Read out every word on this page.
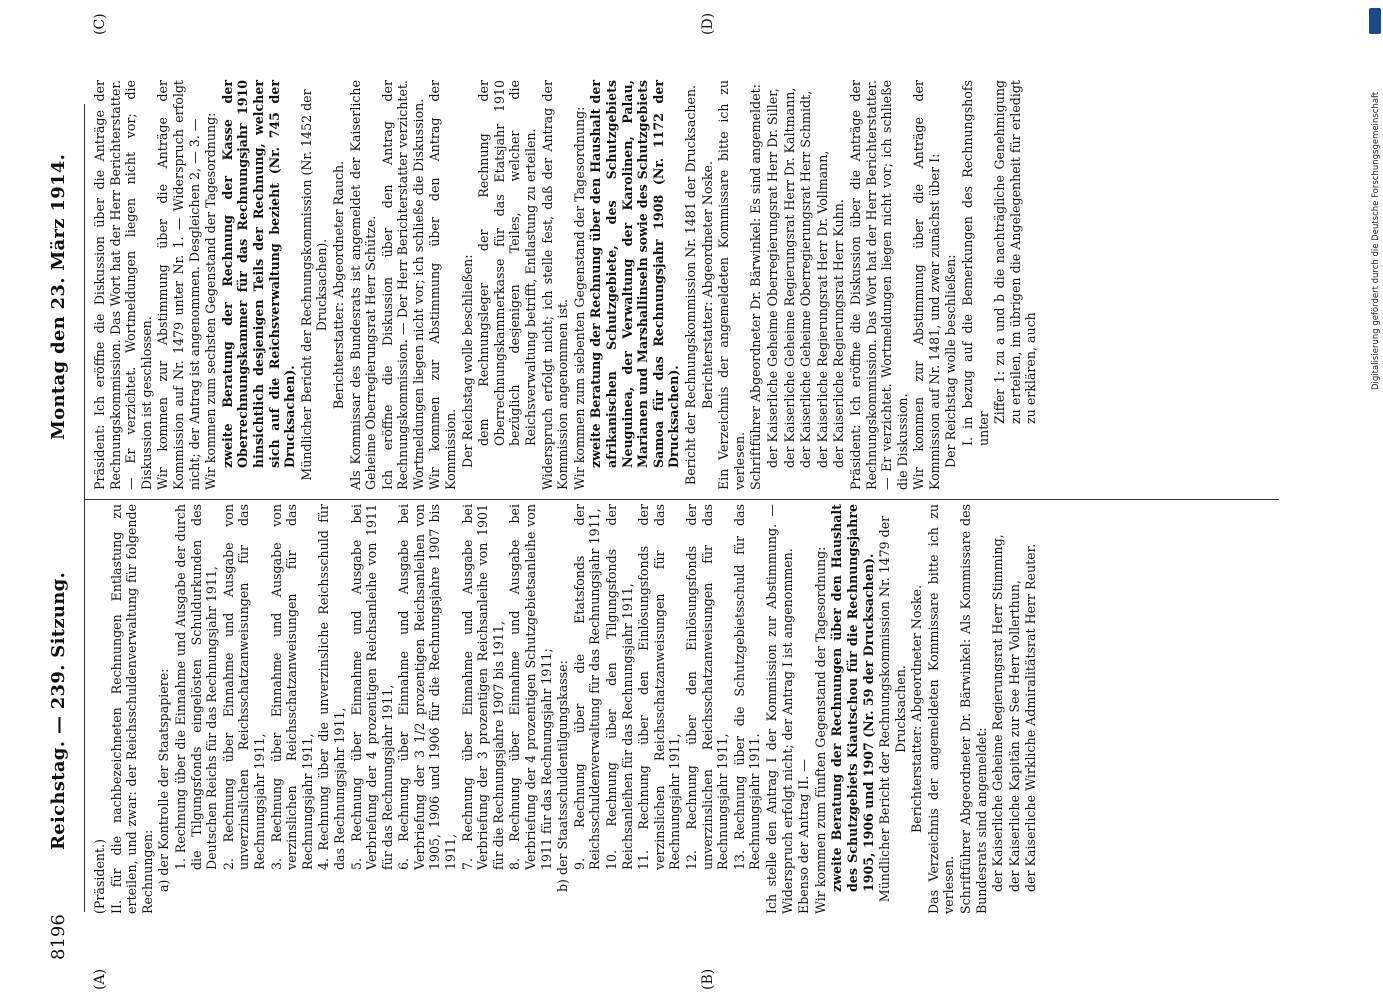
8196
Reichstag. — 239. Sitzung.
Montag den 23. März 1914.
(A)	(B)
(C)	(D)

(Präsident.) II. für die nachbezeichneten Rechnungen Entlastung zu erteilen, und zwar: der Reichsschuldenverwaltung für folgende Rechnungen: a) der Kontrolle der Staatspapiere: 1. Rechnung über die Einnahme und Ausgabe der durch die Tilgungsfonds eingelösten Schuldurkunden des Deutschen Reichs für das Rechnungsjahr 1911, 2. Rechnung über Einnahme und Ausgabe von unverzinslichen Reichsschatzanweisungen für das Rechnungsjahr 1911, 3. Rechnung über Einnahme und Ausgabe von verzinslichen Reichsschatzanweisungen für das Rechnungsjahr 1911, 4. Rechnung über die unverzinsliche Reichsschuld für das Rechnungsjahr 1911, 5. Rechnung über Einnahme und Ausgabe bei Verbriefung der 4 prozentigen Reichsanleihe von 1911 für das Rechnungsjahr 1911, 6. Rechnung über Einnahme und Ausgabe bei Verbriefung der 3 1/2 prozentigen Reichsanleihen von 1905, 1906 und 1906 für die Rechnungsjahre 1907 bis 1911, 7. Rechnung über Einnahme und Ausgabe bei Verbriefung der 3 prozentigen Reichsanleihe von 1901 für die Rechnungsjahre 1907 bis 1911, 8. Rechnung über Einnahme und Ausgabe bei Verbriefung der 4 prozentigen Schutzgebietsanleihe von 1911 für das Rechnungsjahr 1911; b) der Staatsschuldentilgungskasse: 9. Rechnung über die Etatsfonds der Reichsschuldenverwaltung für das Rechnungsjahr 1911, 10. Rechnung über den Tilgungsfonds der Reichsanleihen für das Rechnungsjahr 1911, 11. Rechnung über den Einlösungsfonds der verzinslichen Reichsschatzanweisungen für das Rechnungsjahr 1911, 12. Rechnung über den Einlösungsfonds der unverzinslichen Reichsschatzanweisungen für das Rechnungsjahr 1911, 13. Rechnung über die Schutzgebietsschuld für das Rechnungsjahr 1911. Ich stelle den Antrag I der Kommission zur Abstimmung. — Widerspruch erfolgt nicht; der Antrag I ist angenommen. Ebenso der Antrag II. — Wir kommen zum fünften Gegenstand der Tagesordnung: zweite Beratung der Rechnungen über den Haushalt des Schutzgebiets Kiautschou für die Rechnungsjahre 1905, 1906 und 1907 (Nr. 59 der Drucksachen). Mündlicher Bericht der Rechnungskommission Nr. 1479 der Drucksachen. Berichterstatter: Abgeordneter Noske. Das Verzeichnis der angemeldeten Kommissare bitte ich zu verlesen. Schriftführer Abgeordneter Dr. Bärwinkel: Als Kommissare des Bundesrats sind angemeldet: der Kaiserliche Geheime Regierungsrat Herr Stimming, der Kaiserliche Kapitän zur See Herr Vollerthun, der Kaiserliche Wirkliche Admiralitätsrat Herr Reuter.

Präsident: Ich eröffne die Diskussion über die Anträge der Rechnungskommission. Das Wort hat der Herr Berichterstatter. — Er verzichtet. Wortmeldungen liegen nicht vor; die Diskussion ist geschlossen. Wir kommen zur Abstimmung über die Anträge der Kommission auf Nr. 1479 unter Nr. 1. — Widerspruch erfolgt nicht; der Antrag ist angenommen. Desgleichen 2, — 3. — Wir kommen zum sechsten Gegenstand der Tagesordnung: zweite Beratung der Rechnung der Kasse der Oberrechnungskammer für das Rechnungsjahr 1910 hinsichtlich desjenigen Teils der Rechnung, welcher sich auf die Reichsverwaltung bezieht (Nr. 745 der Drucksachen). Mündlicher Bericht der Rechnungskommission (Nr. 1452 der Drucksachen). Berichterstatter: Abgeordneter Rauch. Als Kommissar des Bundesrats ist angemeldet der Kaiserliche Geheime Oberregierungsrat Herr Schütze. Ich eröffne die Diskussion über den Antrag der Rechnungskommission. — Der Herr Berichterstatter verzichtet. Wortmeldungen liegen nicht vor; ich schließe die Diskussion. Wir kommen zur Abstimmung über den Antrag der Kommission. Der Reichstag wolle beschließen: dem Rechnungsleger der Rechnung der Oberrechnungskammerkasse für das Etatsjahr 1910 bezüglich desjenigen Teiles, welcher die Reichsverwaltung betrifft, Entlastung zu erteilen. Widerspruch erfolgt nicht; ich stelle fest, daß der Antrag der Kommission angenommen ist. Wir kommen zum siebenten Gegenstand der Tagesordnung: zweite Beratung der Rechnung über den Haushalt der afrikanischen Schutzgebiete, des Schutzgebiets Neuguinea, der Verwaltung der Karolinen, Palau, Marianen und Marshallinseln sowie des Schutzgebiets Samoa für das Rechnungsjahr 1908 (Nr. 1172 der Drucksachen). Bericht der Rechnungskommission Nr. 1481 der Drucksachen. Berichterstatter: Abgeordneter Noske. Ein Verzeichnis der angemeldeten Kommissare bitte ich zu verlesen. Schriftführer Abgeordneter Dr. Bärwinkel: Es sind angemeldet: der Kaiserliche Geheime Oberregierungsrat Herr Dr. Siller, der Kaiserliche Geheime Regierungsrat Herr Dr. Kaltmann, der Kaiserliche Geheime Oberregierungsrat Herr Schmidt, der Kaiserliche Regierungsrat Herr Dr. Vollmann, der Kaiserliche Regierungsrat Herr Kuhn. Präsident: Ich eröffne die Diskussion über die Anträge der Rechnungskommission. Das Wort hat der Herr Berichterstatter. — Er verzichtet. Wortmeldungen liegen nicht vor; ich schließe die Diskussion. Wir kommen zur Abstimmung über die Anträge der Kommission auf Nr. 1481, und zwar zunächst über I: Der Reichstag wolle beschließen: I. in bezug auf die Bemerkungen des Rechnungshofs unter

Ziffer 1: zu a und b die nachträgliche Genehmigung zu erteilen, im übrigen die Angelegenheit für erledigt zu erklären, auch	Digitalisierung gefördert durch die Deutsche Forschungsgemeinschaft
